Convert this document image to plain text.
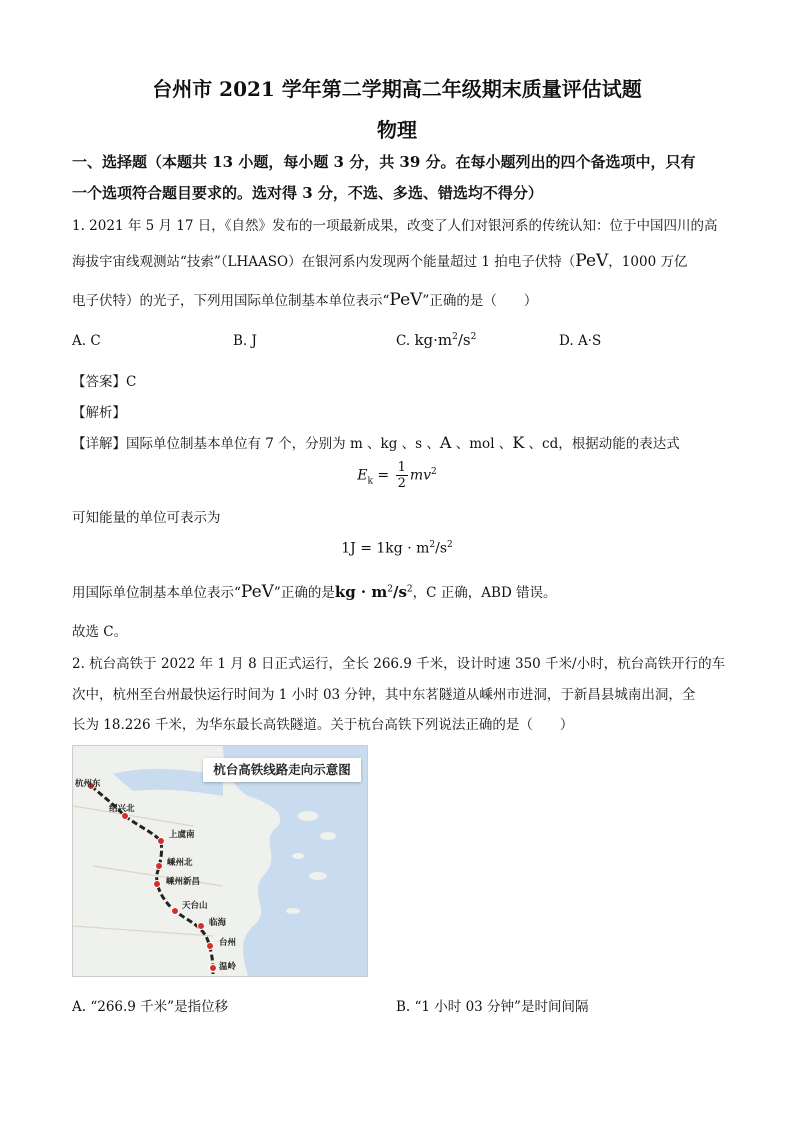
台州市 2021 学年第二学期高二年级期末质量评估试题
物理
一、选择题（本题共 13 小题，每小题 3 分，共 39 分。在每小题列出的四个备选项中，只有
一个选项符合题目要求的。选对得 3 分，不选、多选、错选均不得分）
1. 2021 年 5 月 17 日，《自然》发布的一项最新成果，改变了人们对银河系的传统认知：位于中国四川的高
海拔宇宙线观测站“技索”（LHAASO）在银河系内发现两个能量超过 1 拍电子伏特（PeV，1000 万亿
电子伏特）的光子，下列用国际单位制基本单位表示“PeV”正确的是（　　）
A. C	B. J	C. $kg\cdot m^2/s^2$	D. A·S
【答案】C
【解析】
【详解】国际单位制基本单位有 7 个，分别为 m 、kg 、s 、A 、mol 、K 、cd，根据动能的表达式
$E_k = \frac{1}{2} mv^2$
可知能量的单位可表示为
$1J = 1kg \cdot m^2/s^2$
用国际单位制基本单位表示“PeV”正确的是kg · $m^2/s^2$，C 正确，ABD 错误。
故选 C。
2. 杭台高铁于 2022 年 1 月 8 日正式运行，全长 266.9 千米，设计时速 350 千米/小时，杭台高铁开行的车
次中，杭州至台州最快运行时间为 1 小时 03 分钟，其中东茗隧道从嵊州市进洞，于新昌县城南出洞，全
长为 18.226 千米，为华东最长高铁隧道。关于杭台高铁下列说法正确的是（　　）
杭台高铁线路走向示意图
杭州东
绍兴北
上虞南
嵊州北
嵊州新昌
天台山
临海
台州
温岭
A. “266.9 千米”是指位移	B. “1 小时 03 分钟”是时间间隔
